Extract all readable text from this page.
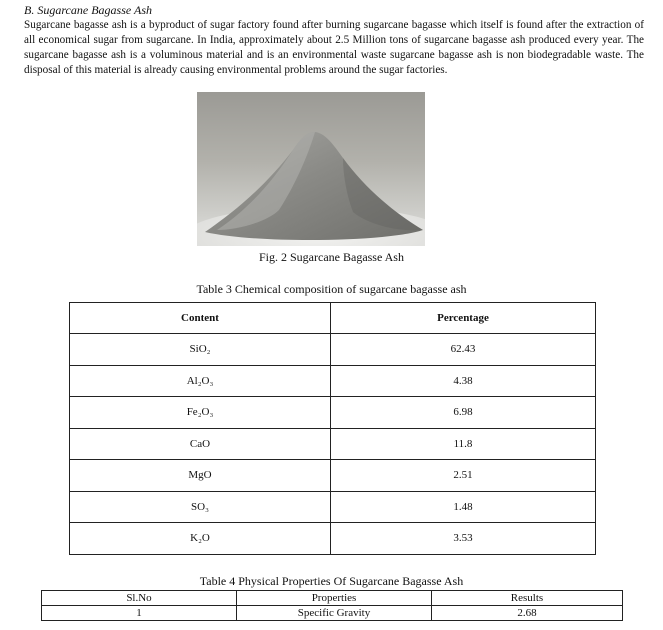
B. Sugarcane Bagasse Ash
Sugarcane bagasse ash is a byproduct of sugar factory found after burning sugarcane bagasse which itself is found after the extraction of all economical sugar from sugarcane. In India, approximately about 2.5 Million tons of sugarcane bagasse ash produced every year. The sugarcane bagasse ash is a voluminous material and is an environmental waste sugarcane bagasse ash is non biodegradable waste. The disposal of this material is already causing environmental problems around the sugar factories.
Fig. 2 Sugarcane Bagasse Ash
Table 3 Chemical composition of sugarcane bagasse ash
Content	Percentage
SiO₂	62.43
Al₂O₃	4.38
Fe₂O₃	6.98
CaO	11.8
MgO	2.51
SO₃	1.48
K₂O	3.53
Table 4 Physical Properties Of Sugarcane Bagasse Ash
Sl.No	Properties	Results
1	Specific Gravity	2.68
